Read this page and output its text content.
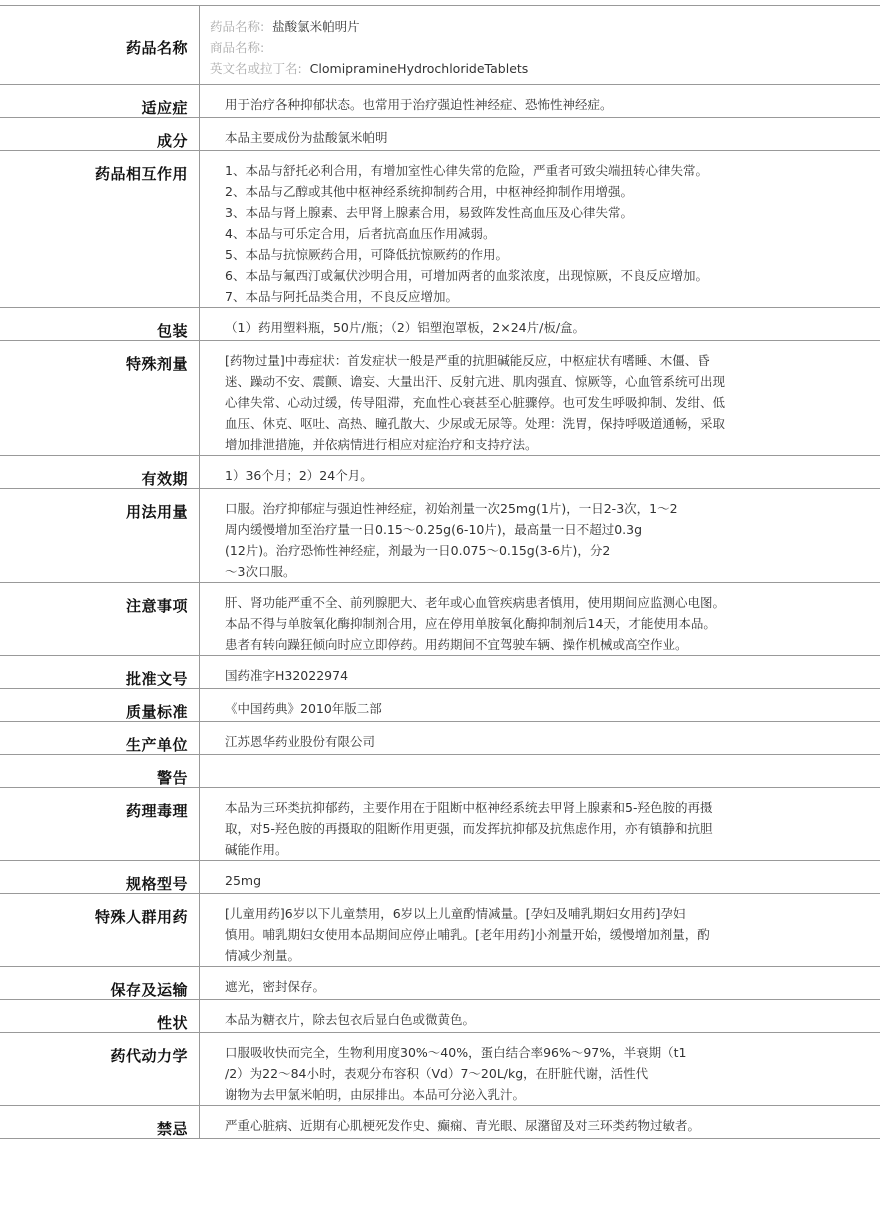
药品名称
药品名称: 盐酸氯米帕明片
商品名称:
英文名或拉丁名: ClomipramineHydrochlorideTablets
适应症	用于治疗各种抑郁状态。也常用于治疗强迫性神经症、恐怖性神经症。
成分	本品主要成份为盐酸氯米帕明
药品相互作用	1、本品与舒托必利合用，有增加室性心律失常的危险，严重者可致尖端扭转心律失常。
2、本品与乙醇或其他中枢神经系统抑制药合用，中枢神经抑制作用增强。
3、本品与肾上腺素、去甲肾上腺素合用，易致阵发性高血压及心律失常。
4、本品与可乐定合用，后者抗高血压作用减弱。
5、本品与抗惊厥药合用，可降低抗惊厥药的作用。
6、本品与氟西汀或氟伏沙明合用，可增加两者的血浆浓度，出现惊厥，不良反应增加。
7、本品与阿托品类合用，不良反应增加。
包装	（1）药用塑料瓶，50片/瓶；（2）铝塑泡罩板，2×24片/板/盒。
特殊剂量	[药物过量]中毒症状：首发症状一般是严重的抗胆碱能反应，中枢症状有嗜睡、木僵、昏
迷、躁动不安、震颤、谵妄、大量出汗、反射亢进、肌肉强直、惊厥等，心血管系统可出现
心律失常、心动过缓，传导阻滞，充血性心衰甚至心脏骤停。也可发生呼吸抑制、发绀、低
血压、休克、呕吐、高热、瞳孔散大、少尿或无尿等。处理：洗胃，保持呼吸道通畅，采取
增加排泄措施，并依病情进行相应对症治疗和支持疗法。
有效期	1）36个月；2）24个月。
用法用量	口服。治疗抑郁症与强迫性神经症，初始剂量一次25mg(1片)，一日2-3次，1～2
周内缓慢增加至治疗量一日0.15～0.25g(6-10片)，最高量一日不超过0.3g
(12片)。治疗恐怖性神经症，剂最为一日0.075～0.15g(3-6片)，分2
～3次口服。
注意事项	肝、肾功能严重不全、前列腺肥大、老年或心血管疾病患者慎用，使用期间应监测心电图。
本品不得与单胺氧化酶抑制剂合用，应在停用单胺氧化酶抑制剂后14天，才能使用本品。
患者有转向躁狂倾向时应立即停药。用药期间不宜驾驶车辆、操作机械或高空作业。
批准文号	国药准字H32022974
质量标准	《中国药典》2010年版二部
生产单位	江苏恩华药业股份有限公司
警告
药理毒理	本品为三环类抗抑郁药，主要作用在于阻断中枢神经系统去甲肾上腺素和5-羟色胺的再摄
取，对5-羟色胺的再摄取的阻断作用更强，而发挥抗抑郁及抗焦虑作用，亦有镇静和抗胆
碱能作用。
规格型号	25mg
特殊人群用药	[儿童用药]6岁以下儿童禁用，6岁以上儿童酌情减量。[孕妇及哺乳期妇女用药]孕妇
慎用。哺乳期妇女使用本品期间应停止哺乳。[老年用药]小剂量开始，缓慢增加剂量，酌
情减少剂量。
保存及运输	遮光，密封保存。
性状	本品为糖衣片，除去包衣后显白色或微黄色。
药代动力学	口服吸收快而完全，生物利用度30%～40%，蛋白结合率96%～97%，半衰期（t1
/2）为22～84小时，表观分布容积（Vd）7～20L/kg，在肝脏代谢，活性代
谢物为去甲氯米帕明，由尿排出。本品可分泌入乳汁。
禁忌	严重心脏病、近期有心肌梗死发作史、癫痫、青光眼、尿潴留及对三环类药物过敏者。
